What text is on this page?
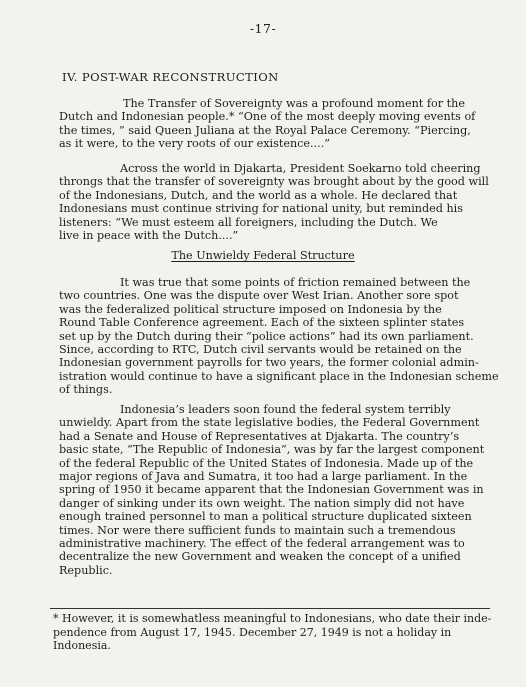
-17-
IV. POST-WAR RECONSTRUCTION
The Transfer of Sovereignty was a profound moment for the
Dutch and Indonesian people.* “One of the most deeply moving events of
the times, ” said Queen Juliana at the Royal Palace Ceremony. “Piercing,
as it were, to the very roots of our existence....”
Across the world in Djakarta, President Soekarno told cheering
throngs that the transfer of sovereignty was brought about by the good will
of the Indonesians, Dutch, and the world as a whole. He declared that
Indonesians must continue striving for national unity, but reminded his
listeners: “We must esteem all foreigners, including the Dutch. We
live in peace with the Dutch....”
The Unwieldy Federal Structure
It was true that some points of friction remained between the
two countries. One was the dispute over West Irian. Another sore spot
was the federalized political structure imposed on Indonesia by the
Round Table Conference agreement. Each of the sixteen splinter states
set up by the Dutch during their “police actions” had its own parliament.
Since, according to RTC, Dutch civil servants would be retained on the
Indonesian government payrolls for two years, the former colonial admin-
istration would continue to have a significant place in the Indonesian scheme
of things.
Indonesia’s leaders soon found the federal system terribly
unwieldy. Apart from the state legislative bodies, the Federal Government
had a Senate and House of Representatives at Djakarta. The country’s
basic state, “The Republic of Indonesia”, was by far the largest component
of the federal Republic of the United States of Indonesia. Made up of the
major regions of Java and Sumatra, it too had a large parliament. In the
spring of 1950 it became apparent that the Indonesian Government was in
danger of sinking under its own weight. The nation simply did not have
enough trained personnel to man a political structure duplicated sixteen
times. Nor were there sufficient funds to maintain such a tremendous
administrative machinery. The effect of the federal arrangement was to
decentralize the new Government and weaken the concept of a unified
Republic.
* However, it is somewhatless meaningful to Indonesians, who date their inde-
pendence from August 17, 1945. December 27, 1949 is not a holiday in
Indonesia.
